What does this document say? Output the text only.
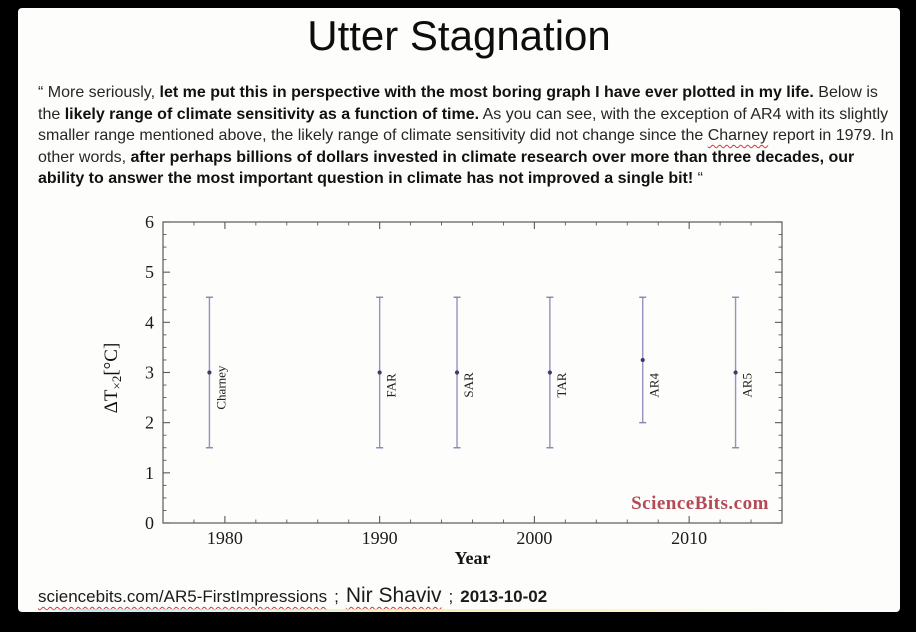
Utter Stagnation

“ More seriously, let me put this in perspective with the most boring graph I have ever plotted in my life. Below is the likely range of climate sensitivity as a function of time. As you can see, with the exception of AR4 with its slightly smaller range mentioned above, the likely range of climate sensitivity did not change since the Charney report in 1979. In other words, after perhaps billions of dollars invested in climate research over more than three decades, our ability to answer the most important question in climate has not improved a single bit! “

1980	1990	2000	2010
0
1
2
3
4
5
6
Charney	FAR	SAR	TAR	AR4	AR5
Year
$\Delta T_{\times 2}[^\circ C]$
ScienceBits.com
sciencebits.com/AR5-FirstImpressions ; Nir Shaviv ; 2013-10-02
